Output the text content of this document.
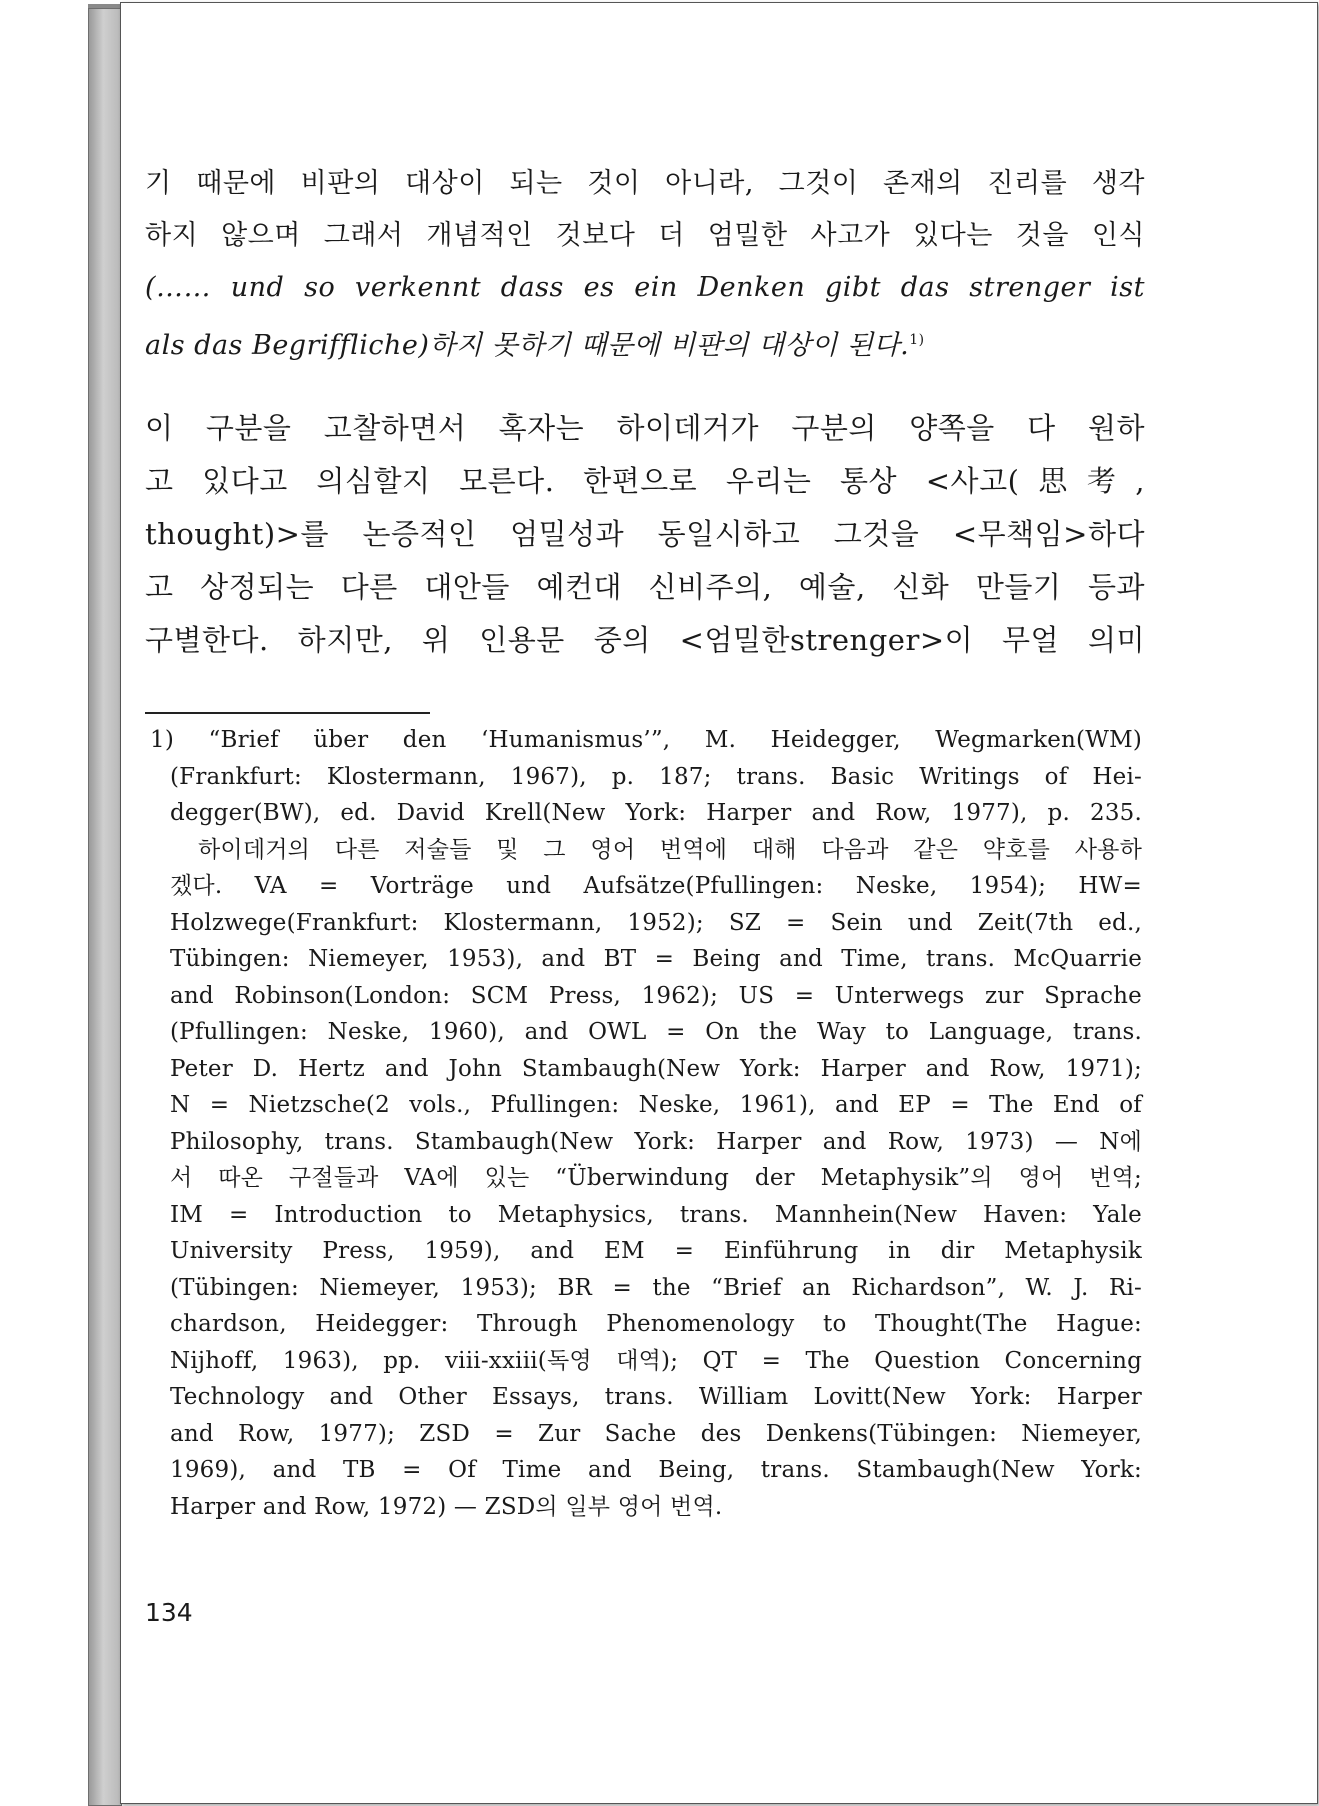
기 때문에 비판의 대상이 되는 것이 아니라, 그것이 존재의 진리를 생각
하지 않으며 그래서 개념적인 것보다 더 엄밀한 사고가 있다는 것을 인식
(…… und so verkennt dass es ein Denken gibt das strenger ist
als das Begriffliche)하지 못하기 때문에 비판의 대상이 된다.$^{1)}$
이 구분을 고찰하면서 혹자는 하이데거가 구분의 양쪽을 다 원하
고 있다고 의심할지 모른다. 한편으로 우리는 통상 <사고(思考,
thought)>를 논증적인 엄밀성과 동일시하고 그것을 <무책임>하다
고 상정되는 다른 대안들 예컨대 신비주의, 예술, 신화 만들기 등과
구별한다. 하지만, 위 인용문 중의 <엄밀한strenger>이 무얼 의미
1) “Brief über den ‘Humanismus’”, M. Heidegger, Wegmarken(WM)
(Frankfurt: Klostermann, 1967), p. 187; trans. Basic Writings of Hei-
degger(BW), ed. David Krell(New York: Harper and Row, 1977), p. 235.
하이데거의 다른 저술들 및 그 영어 번역에 대해 다음과 같은 약호를 사용하
겠다. VA = Vorträge und Aufsätze(Pfullingen: Neske, 1954); HW=
Holzwege(Frankfurt: Klostermann, 1952); SZ = Sein und Zeit(7th ed.,
Tübingen: Niemeyer, 1953), and BT = Being and Time, trans. McQuarrie
and Robinson(London: SCM Press, 1962); US = Unterwegs zur Sprache
(Pfullingen: Neske, 1960), and OWL = On the Way to Language, trans.
Peter D. Hertz and John Stambaugh(New York: Harper and Row, 1971);
N = Nietzsche(2 vols., Pfullingen: Neske, 1961), and EP = The End of
Philosophy, trans. Stambaugh(New York: Harper and Row, 1973) — N에
서 따온 구절들과 VA에 있는 “Überwindung der Metaphysik”의 영어 번역;
IM = Introduction to Metaphysics, trans. Mannhein(New Haven: Yale
University Press, 1959), and EM = Einführung in dir Metaphysik
(Tübingen: Niemeyer, 1953); BR = the “Brief an Richardson”, W. J. Ri-
chardson, Heidegger: Through Phenomenology to Thought(The Hague:
Nijhoff, 1963), pp. viii-xxiii(독영 대역); QT = The Question Concerning
Technology and Other Essays, trans. William Lovitt(New York: Harper
and Row, 1977); ZSD = Zur Sache des Denkens(Tübingen: Niemeyer,
1969), and TB = Of Time and Being, trans. Stambaugh(New York:
Harper and Row, 1972) — ZSD의 일부 영어 번역.
134
